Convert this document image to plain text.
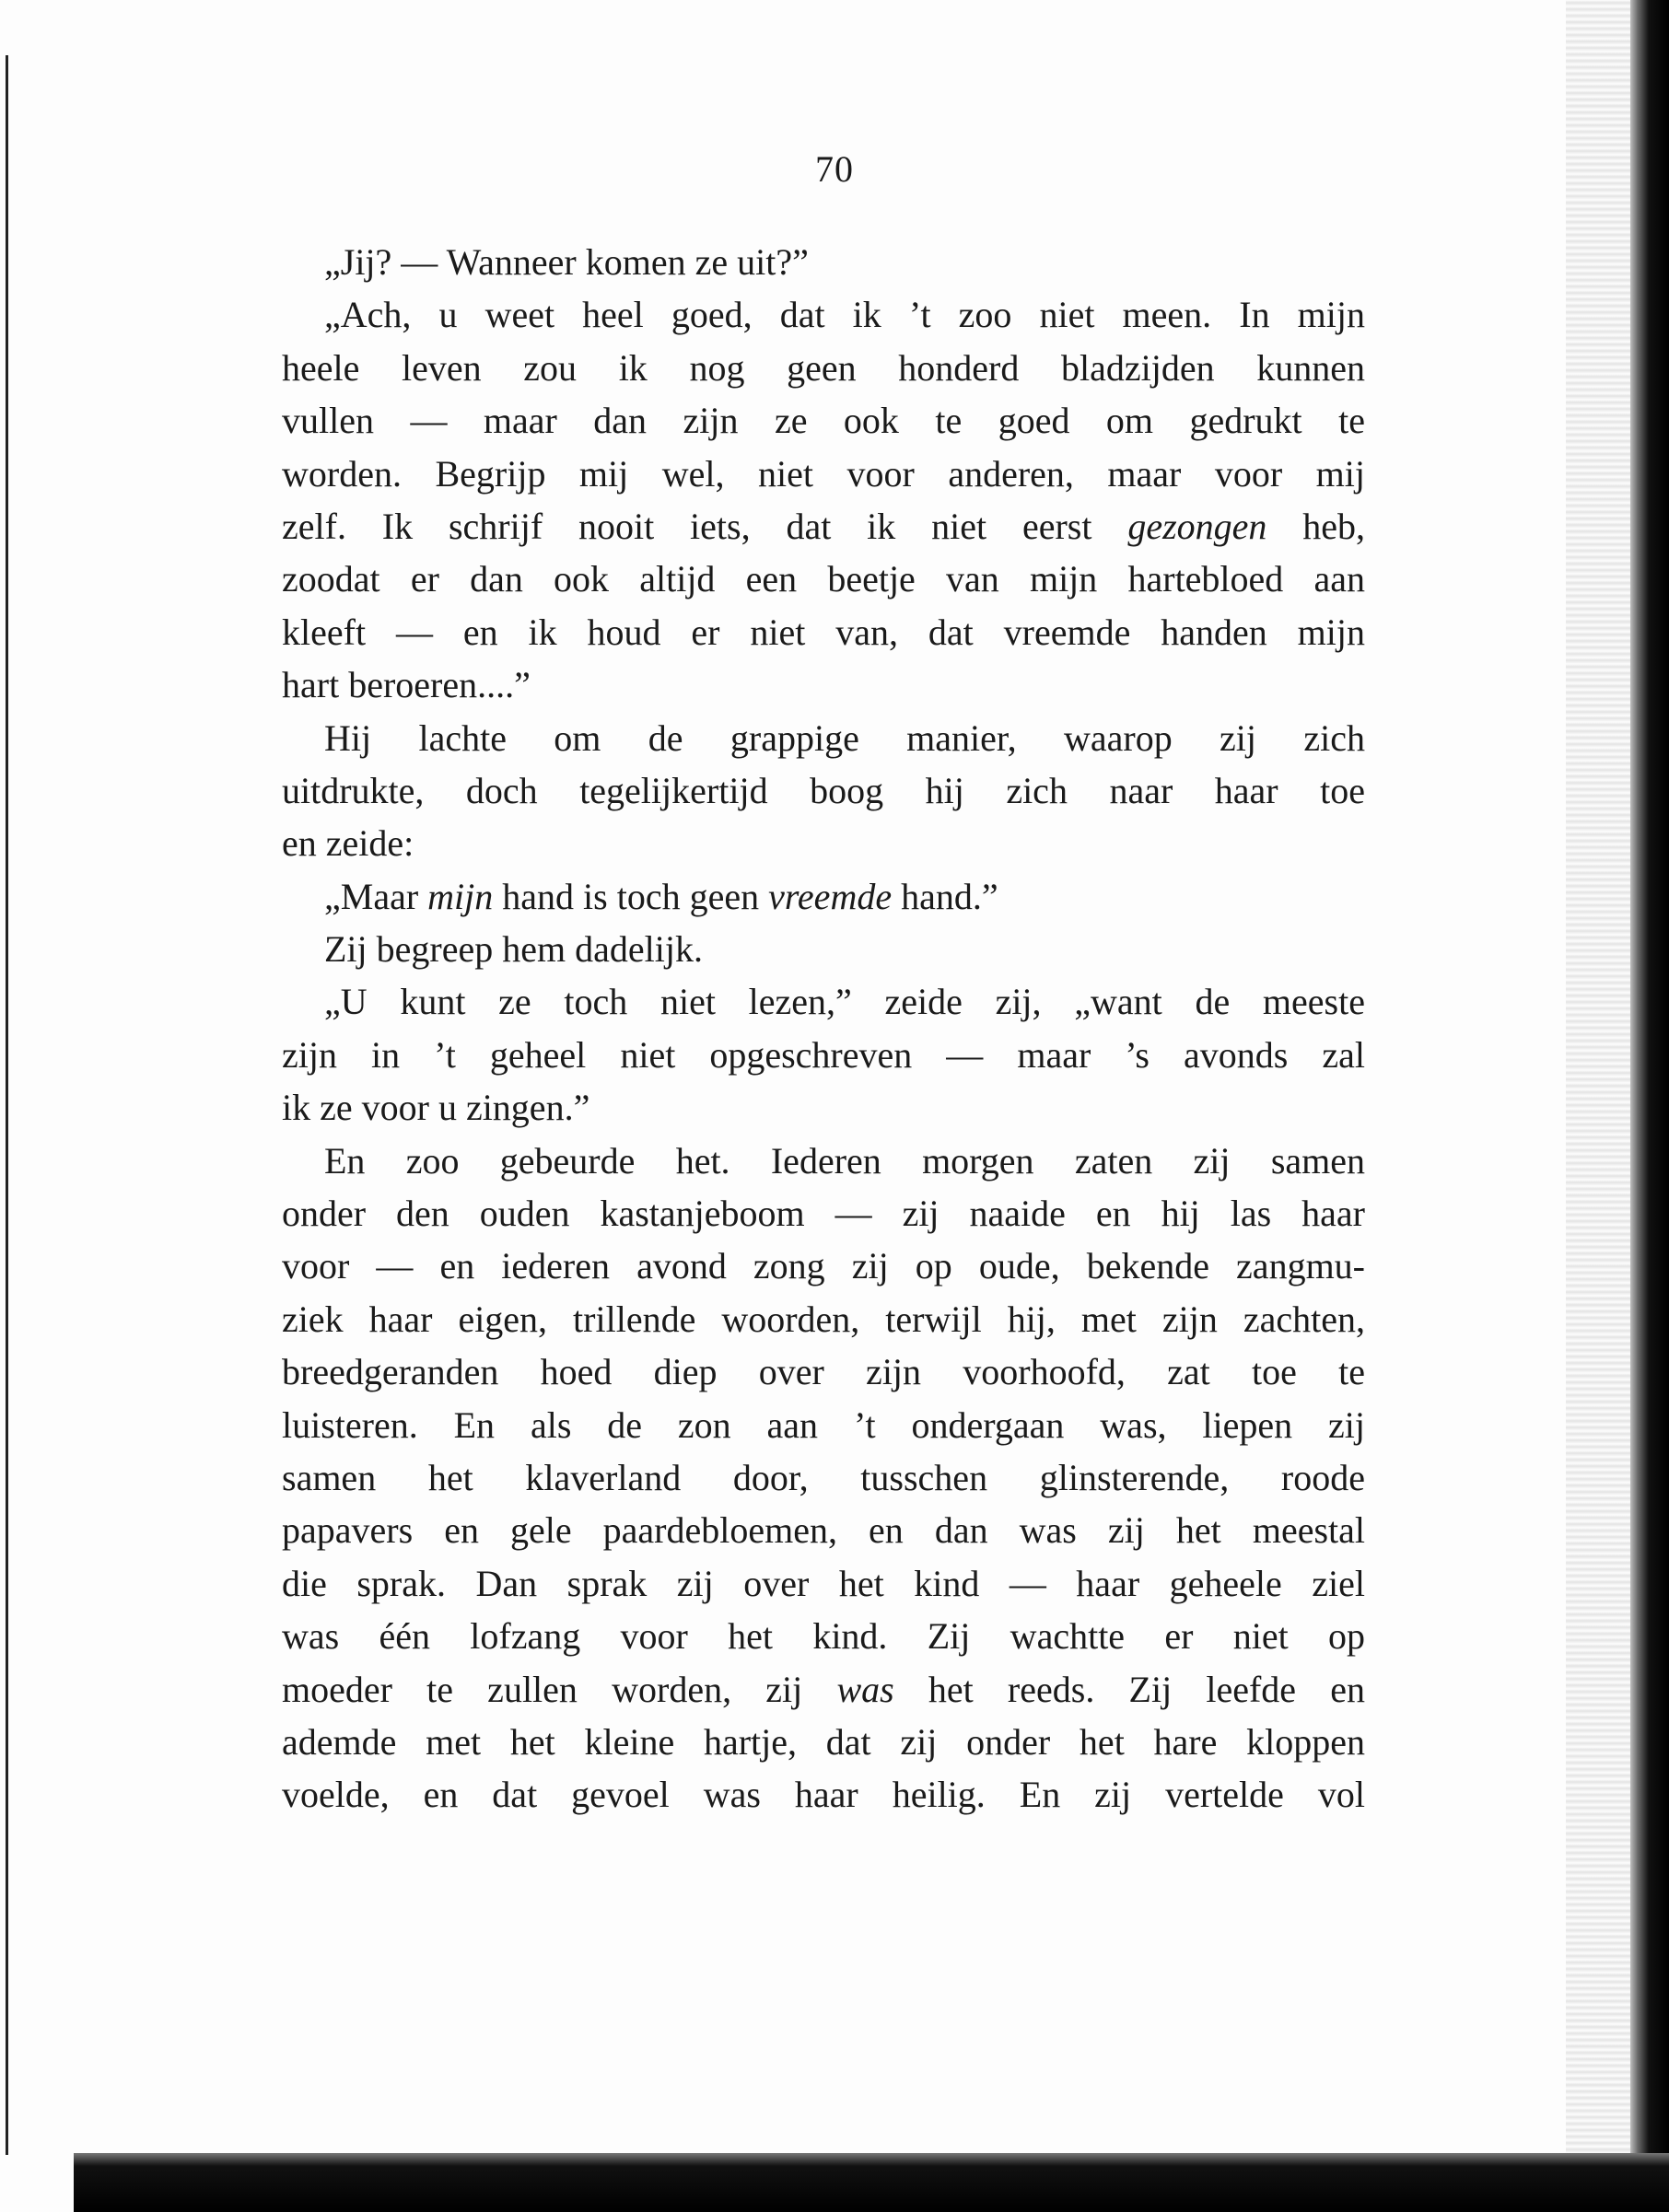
70
„Jij? — Wanneer komen ze uit?”
„Ach, u weet heel goed, dat ik ’t zoo niet meen. In mijn
heele leven zou ik nog geen honderd bladzijden kunnen
vullen — maar dan zijn ze ook te goed om gedrukt te
worden. Begrijp mij wel, niet voor anderen, maar voor mij
zelf. Ik schrijf nooit iets, dat ik niet eerst gezongen heb,
zoodat er dan ook altijd een beetje van mijn hartebloed aan
kleeft — en ik houd er niet van, dat vreemde handen mijn
hart beroeren....”
Hij lachte om de grappige manier, waarop zij zich
uitdrukte, doch tegelijkertijd boog hij zich naar haar toe
en zeide:
„Maar mijn hand is toch geen vreemde hand.”
Zij begreep hem dadelijk.
„U kunt ze toch niet lezen,” zeide zij, „want de meeste
zijn in ’t geheel niet opgeschreven — maar ’s avonds zal
ik ze voor u zingen.”
En zoo gebeurde het. Iederen morgen zaten zij samen
onder den ouden kastanjeboom — zij naaide en hij las haar
voor — en iederen avond zong zij op oude, bekende zangmu-
ziek haar eigen, trillende woorden, terwijl hij, met zijn zachten,
breedgeranden hoed diep over zijn voorhoofd, zat toe te
luisteren. En als de zon aan ’t ondergaan was, liepen zij
samen het klaverland door, tusschen glinsterende, roode
papavers en gele paardebloemen, en dan was zij het meestal
die sprak. Dan sprak zij over het kind — haar geheele ziel
was één lofzang voor het kind. Zij wachtte er niet op
moeder te zullen worden, zij was het reeds. Zij leefde en
ademde met het kleine hartje, dat zij onder het hare kloppen
voelde, en dat gevoel was haar heilig. En zij vertelde vol
